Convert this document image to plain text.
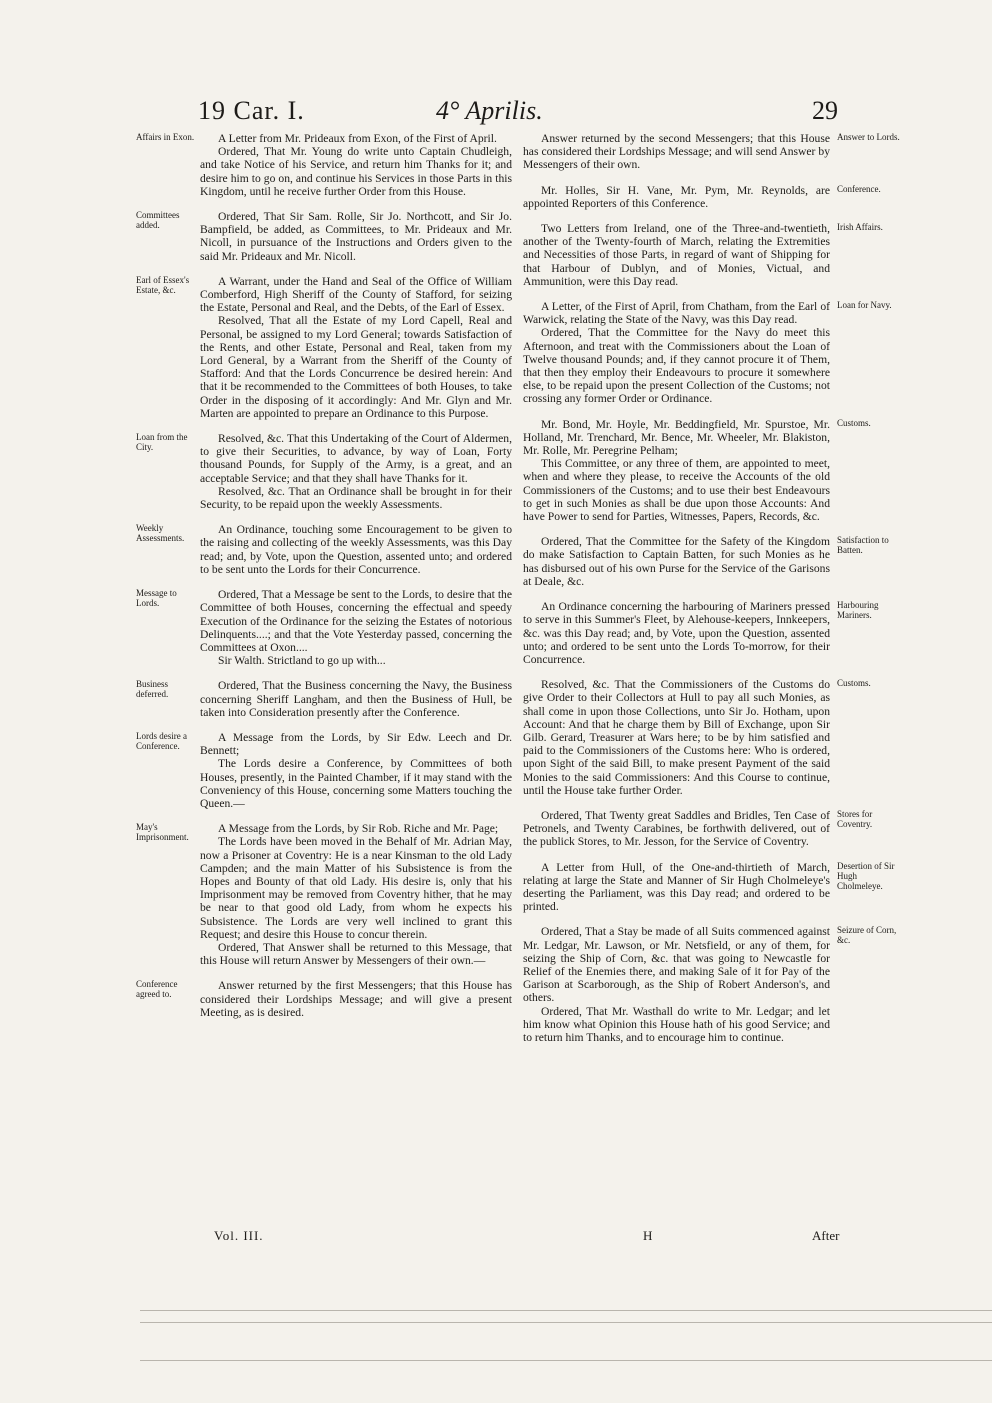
19 Car. I.	4° Aprilis.	29
Affairs in Exon.	A Letter from Mr. Prideaux from Exon, of the First of April.

Ordered, That Mr. Young do write unto Captain Chudleigh, and take Notice of his Service, and return him Thanks for it; and desire him to go on, and continue his Services in those Parts in this Kingdom, until he receive further Order from this House.

Committees added.

Ordered, That Sir Sam. Rolle, Sir Jo. Northcott, and Sir Jo. Bampfield, be added, as Committees, to Mr. Prideaux and Mr. Nicoll, in pursuance of the Instructions and Orders given to the said Mr. Prideaux and Mr. Nicoll.

Earl of Essex's Estate, &c.

A Warrant, under the Hand and Seal of the Office of William Comberford, High Sheriff of the County of Stafford, for seizing the Estate, Personal and Real, and the Debts, of the Earl of Essex.

Resolved, That all the Estate of my Lord Capell, Real and Personal, be assigned to my Lord General; towards Satisfaction of the Rents, and other Estate, Personal and Real, taken from my Lord General, by a Warrant from the Sheriff of the County of Stafford: And that the Lords Concurrence be desired herein: And that it be recommended to the Committees of both Houses, to take Order in the disposing of it accordingly: And Mr. Glyn and Mr. Marten are appointed to prepare an Ordinance to this Purpose.

Loan from the City.

Resolved, &c. That this Undertaking of the Court of Aldermen, to give their Securities, to advance, by way of Loan, Forty thousand Pounds, for Supply of the Army, is a great, and an acceptable Service; and that they shall have Thanks for it.

Resolved, &c. That an Ordinance shall be brought in for their Security, to be repaid upon the weekly Assessments.

Weekly Assessments.

An Ordinance, touching some Encouragement to be given to the raising and collecting of the weekly Assessments, was this Day read; and, by Vote, upon the Question, assented unto; and ordered to be sent unto the Lords for their Concurrence.

Message to Lords.

Ordered, That a Message be sent to the Lords, to desire that the Committee of both Houses, concerning the effectual and speedy Execution of the Ordinance for the seizing the Estates of notorious Delinquents....; and that the Vote Yesterday passed, concerning the Committees at Oxon....

Sir Walth. Strictland to go up with...

Business deferred.

Ordered, That the Business concerning the Navy, the Business concerning Sheriff Langham, and then the Business of Hull, be taken into Consideration presently after the Conference.

Lords desire a Conference.

A Message from the Lords, by Sir Edw. Leech and Dr. Bennett;

The Lords desire a Conference, by Committees of both Houses, presently, in the Painted Chamber, if it may stand with the Conveniency of this House, concerning some Matters touching the Queen.—

May's Imprisonment.

A Message from the Lords, by Sir Rob. Riche and Mr. Page;

The Lords have been moved in the Behalf of Mr. Adrian May, now a Prisoner at Coventry: He is a near Kinsman to the old Lady Campden; and the main Matter of his Subsistence is from the Hopes and Bounty of that old Lady. His desire is, only that his Imprisonment may be removed from Coventry hither, that he may be near to that good old Lady, from whom he expects his Subsistence. The Lords are very well inclined to grant this Request; and desire this House to concur therein.

Ordered, That Answer shall be returned to this Message, that this House will return Answer by Messengers of their own.—

Conference agreed to.

Answer returned by the first Messengers; that this House has considered their Lordships Message; and will give a present Meeting, as is desired.

Answer to Lords.

Answer returned by the second Messengers; that this House has considered their Lordships Message; and will send Answer by Messengers of their own.

Conference.

Mr. Holles, Sir H. Vane, Mr. Pym, Mr. Reynolds, are appointed Reporters of this Conference.

Irish Affairs.

Two Letters from Ireland, one of the Three-and-twentieth, another of the Twenty-fourth of March, relating the Extremities and Necessities of those Parts, in regard of want of Shipping for that Harbour of Dublyn, and of Monies, Victual, and Ammunition, were this Day read.

Loan for Navy.

A Letter, of the First of April, from Chatham, from the Earl of Warwick, relating the State of the Navy, was this Day read.

Ordered, That the Committee for the Navy do meet this Afternoon, and treat with the Commissioners about the Loan of Twelve thousand Pounds; and, if they cannot procure it of Them, that then they employ their Endeavours to procure it somewhere else, to be repaid upon the present Collection of the Customs; not crossing any former Order or Ordinance.

Customs.

Mr. Bond, Mr. Hoyle, Mr. Beddingfield, Mr. Spurstoe, Mr. Holland, Mr. Trenchard, Mr. Bence, Mr. Wheeler, Mr. Blakiston, Mr. Rolle, Mr. Peregrine Pelham;

This Committee, or any three of them, are appointed to meet, when and where they please, to receive the Accounts of the old Commissioners of the Customs; and to use their best Endeavours to get in such Monies as shall be due upon those Accounts: And have Power to send for Parties, Witnesses, Papers, Records, &c.

Satisfaction to Batten.

Ordered, That the Committee for the Safety of the Kingdom do make Satisfaction to Captain Batten, for such Monies as he has disbursed out of his own Purse for the Service of the Garisons at Deale, &c.

Harbouring Mariners.

An Ordinance concerning the harbouring of Mariners pressed to serve in this Summer's Fleet, by Alehouse-keepers, Innkeepers, &c. was this Day read; and, by Vote, upon the Question, assented unto; and ordered to be sent unto the Lords To-morrow, for their Concurrence.

Customs.

Resolved, &c. That the Commissioners of the Customs do give Order to their Collectors at Hull to pay all such Monies, as shall come in upon those Collections, unto Sir Jo. Hotham, upon Account: And that he charge them by Bill of Exchange, upon Sir Gilb. Gerard, Treasurer at Wars here; to be by him satisfied and paid to the Commissioners of the Customs here: Who is ordered, upon Sight of the said Bill, to make present Payment of the said Monies to the said Commissioners: And this Course to continue, until the House take further Order.

Stores for Coventry.

Ordered, That Twenty great Saddles and Bridles, Ten Case of Petronels, and Twenty Carabines, be forthwith delivered, out of the publick Stores, to Mr. Jesson, for the Service of Coventry.

Desertion of Sir Hugh Cholmeleye.

A Letter from Hull, of the One-and-thirtieth of March, relating at large the State and Manner of Sir Hugh Cholmeleye's deserting the Parliament, was this Day read; and ordered to be printed.

Seizure of Corn, &c.

Ordered, That a Stay be made of all Suits commenced against Mr. Ledgar, Mr. Lawson, or Mr. Netsfield, or any of them, for seizing the Ship of Corn, &c. that was going to Newcastle for Relief of the Enemies there, and making Sale of it for Pay of the Garison at Scarborough, as the Ship of Robert Anderson's, and others.

Ordered, That Mr. Wasthall do write to Mr. Ledgar; and let him know what Opinion this House hath of his good Service; and to return him Thanks, and to encourage him to continue.

Vol. III.	H	After
